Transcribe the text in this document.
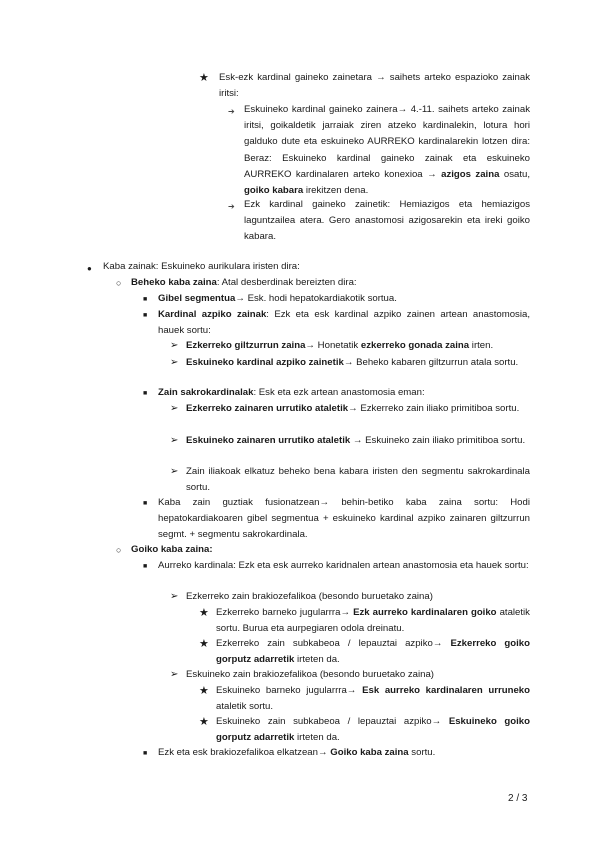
★ Esk-ezk kardinal gaineko zainetara → saihets arteko espazioko zainak iritsi:
➔ Eskuineko kardinal gaineko zainera→ 4.-11. saihets arteko zainak iritsi, goikaldetik jarraiak ziren atzeko kardinalekin, lotura hori galduko dute eta eskuineko AURREKO kardinalarekin lotzen dira: Beraz: Eskuineko kardinal gaineko zainak eta eskuineko AURREKO kardinalaren arteko konexioa → azigos zaina osatu, goiko kabara irekitzen dena.
➔ Ezk kardinal gaineko zainetik: Hemiazigos eta hemiazigos laguntzailea atera. Gero anastomosi azigosarekin eta ireki goiko kabara.
● Kaba zainak: Eskuineko aurikulara iristen dira:
○ Beheko kaba zaina: Atal desberdinak bereizten dira:
■ Gibel segmentua→ Esk. hodi hepatokardiakotik sortua.
■ Kardinal azpiko zainak: Ezk eta esk kardinal azpiko zainen artean anastomosia, hauek sortu:
➢ Ezkerreko giltzurrun zaina→ Honetatik ezkerreko gonada zaina irten.
➢ Eskuineko kardinal azpiko zainetik→ Beheko kabaren giltzurrun atala sortu.
■ Zain sakrokardinalak: Esk eta ezk artean anastomosia eman:
➢ Ezkerreko zainaren urrutiko ataletik→ Ezkerreko zain iliako primitiboa sortu.
➢ Eskuineko zainaren urrutiko ataletik → Eskuineko zain iliako primitiboa sortu.
➢ Zain iliakoak elkatuz beheko bena kabara iristen den segmentu sakrokardinala sortu.
■ Kaba zain guztiak fusionatzean→ behin-betiko kaba zaina sortu: Hodi hepatokardiakoaren gibel segmentua + eskuineko kardinal azpiko zainaren giltzurrun segmt. + segmentu sakrokardinala.
○ Goiko kaba zaina:
■ Aurreko kardinala: Ezk eta esk aurreko karidnalen artean anastomosia eta hauek sortu:
➢ Ezkerreko zain brakiozefalikoa (besondo buruetako zaina)
★ Ezkerreko barneko jugularrra→ Ezk aurreko kardinalaren goiko ataletik sortu. Burua eta aurpegiaren odola dreinatu.
★ Ezkerreko zain subkabeoa / lepauztai azpiko→ Ezkerreko goiko gorputz adarretik irteten da.
➢ Eskuineko zain brakiozefalikoa (besondo buruetako zaina)
★ Eskuineko barneko jugularrra→ Esk aurreko kardinalaren urruneko ataletik sortu.
★ Eskuineko zain subkabeoa / lepauztai azpiko→ Eskuineko goiko gorputz adarretik irteten da.
■ Ezk eta esk brakiozefalikoa elkatzean→ Goiko kaba zaina sortu.
2 / 3
